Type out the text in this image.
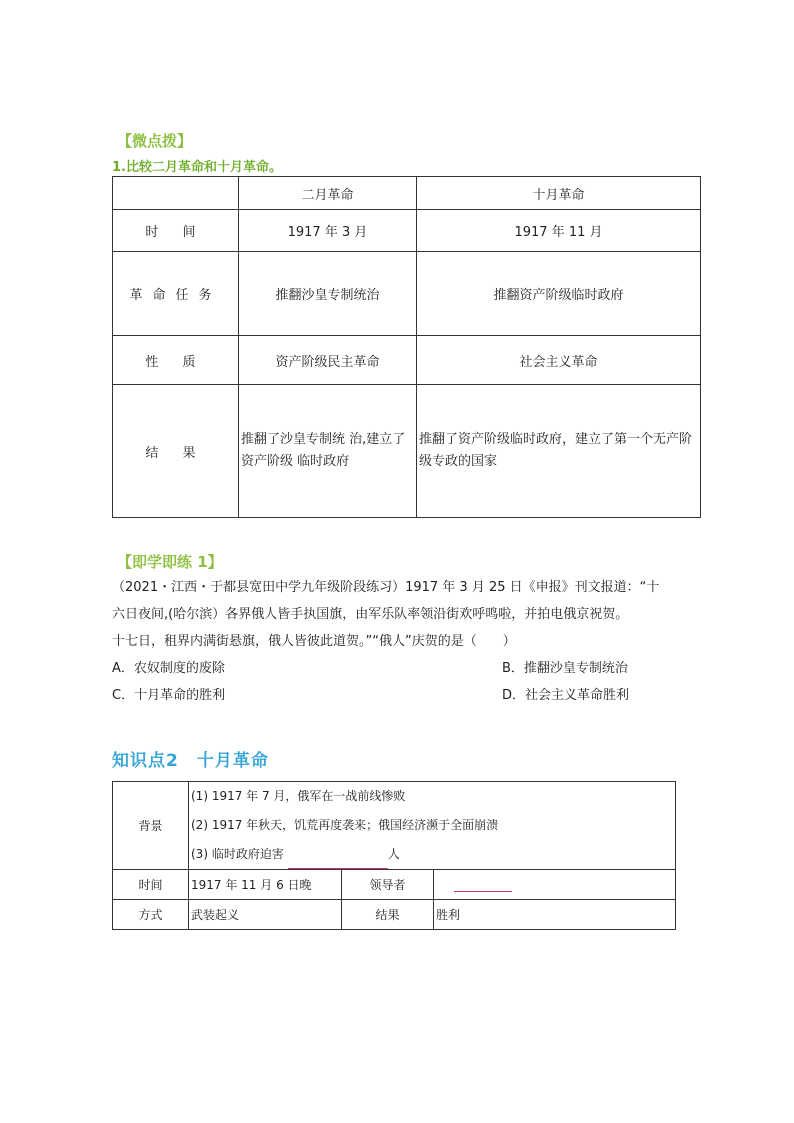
【微点拨】
1.比较二月革命和十月革命。
	二月革命	十月革命
时 间	1917 年 3 月	1917 年 11 月
革命任务	推翻沙皇专制统治	推翻资产阶级临时政府
性 质	资产阶级民主革命	社会主义革命
结 果	推翻了沙皇专制统 治,建立了资产阶级 临时政府	推翻了资产阶级临时政府，建立了第一个无产阶级专政的国家
【即学即练 1】
（2021・江西・于都县宽田中学九年级阶段练习）1917 年 3 月 25 日《申报》刊文报道：“十
六日夜间,(哈尔滨）各界俄人皆手执国旗，由军乐队率领沿街欢呼鸣啦，并拍电俄京祝贺。
十七日，租界内满街悬旗，俄人皆彼此道贺。”“俄人”庆贺的是（　　）
A．农奴制度的废除	B．推翻沙皇专制统治
C．十月革命的胜利	D．社会主义革命胜利
知识点2　十月革命
背景	(1) 1917 年 7 月，俄军在一战前线惨败
(2) 1917 年秋天，饥荒再度袭来；俄国经济濒于全面崩溃
(3) 临时政府迫害 人		

时间	1917 年 11 月 6 日晚	领导者	
方式	武装起义	结果	胜利
